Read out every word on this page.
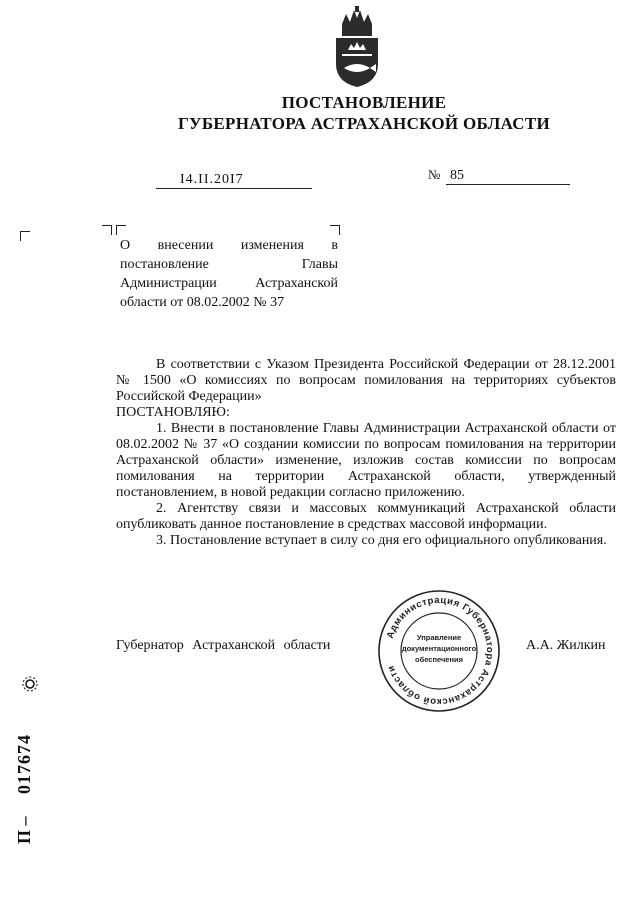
ПОСТАНОВЛЕНИЕ
ГУБЕРНАТОРА АСТРАХАНСКОЙ ОБЛАСТИ
I4.II.20I7	№ 85
О внесении изменения в постановление Главы Администрации Астраханской области от 08.02.2002 № 37

В соответствии с Указом Президента Российской Федерации от 28.12.2001 № 1500 «О комиссиях по вопросам помилования на территориях субъектов Российской Федерации»

ПОСТАНОВЛЯЮ:

1. Внести в постановление Главы Администрации Астраханской области от 08.02.2002 № 37 «О создании комиссии по вопросам помилования на территории Астраханской области» изменение, изложив состав комиссии по вопросам помилования на территории Астраханской области, утвержденный постановлением, в новой редакции согласно приложению.

2. Агентству связи и массовых коммуникаций Астраханской области опубликовать данное постановление в средствах массовой информации.

3. Постановление вступает в силу со дня его официального опубликования.

Губернатор Астраханской области	А.А. Жилкин
Администрация Губернатора Астраханской области
Управление
документационного
обеспечения
П –
017674
